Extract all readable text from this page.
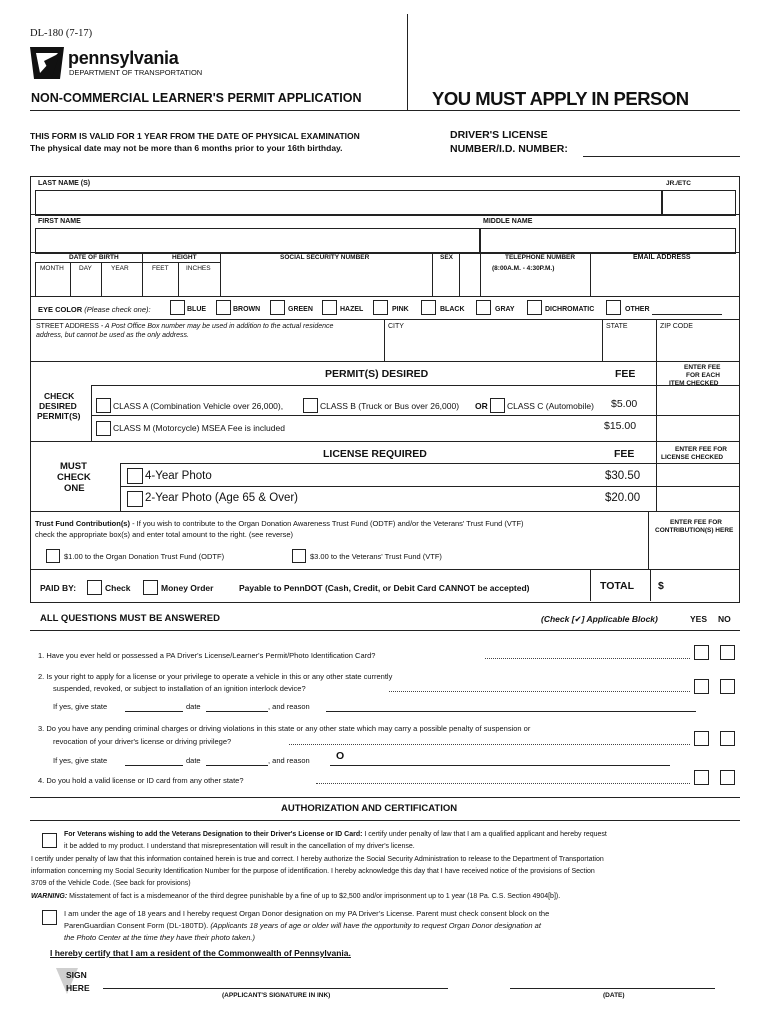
DL-180 (7-17)
pennsylvania
DEPARTMENT OF TRANSPORTATION
NON-COMMERCIAL LEARNER'S PERMIT APPLICATION	YOU MUST APPLY IN PERSON
THIS FORM IS VALID FOR 1 YEAR FROM THE DATE OF PHYSICAL EXAMINATION
The physical date may not be more than 6 months prior to your 16th birthday.
DRIVER'S LICENSE
NUMBER/I.D. NUMBER:
LAST NAME (S)	JR./ETC
FIRST NAME	MIDDLE NAME
DATE OF BIRTH	HEIGHT	SOCIAL SECURITY NUMBER	SEX	TELEPHONE NUMBER
(8:00A.M. - 4:30P.M.)
EMAIL ADDRESS
MONTH DAY	YEAR	FEET	INCHES
EYE COLOR (Please check one):	BLUE	BROWN	GREEN	HAZEL	PINK	BLACK	GRAY	DICHROMATIC	OTHER
STREET ADDRESS - A Post Office Box number may be used in addition to the actual residence
address, but cannot be used as the only address.
CITY	STATE	ZIP CODE
PERMIT(S) DESIRED	FEE
ENTER FEE
FOR EACH
ITEM CHECKED
CHECK
DESIRED
PERMIT(S)
CLASS A (Combination Vehicle over 26,000),	CLASS B (Truck or Bus over 26,000) OR CLASS C (Automobile) $5.00
CLASS M (Motorcycle) MSEA Fee is included	$15.00
LICENSE REQUIRED	FEE	ENTER FEE FOR
LICENSE CHECKED
MUST
CHECK
ONE
4-Year Photo	$30.50
2-Year Photo (Age 65 & Over)	$20.00
Trust Fund Contribution(s) - If you wish to contribute to the Organ Donation Awareness Trust Fund (ODTF) and/or the Veterans' Trust Fund (VTF)
check the appropriate box(s) and enter total amount to the right. (see reverse)
ENTER FEE FOR
CONTRIBUTION(S) HERE
$1.00 to the Organ Donation Trust Fund (ODTF)	$3.00 to the Veterans' Trust Fund (VTF)
PAID BY:	Check	Money Order	Payable to PennDOT (Cash, Credit, or Debit Card CANNOT be accepted)	TOTAL $
ALL QUESTIONS MUST BE ANSWERED	(Check [✔] Applicable Block)	YES NO
1. Have you ever held or possessed a PA Driver's License/Learner's Permit/Photo Identification Card?
2. Is your right to apply for a license or your privilege to operate a vehicle in this or any other state currently
suspended, revoked, or subject to installation of an ignition interlock device?
If yes, give state	date	, and reason
3. Do you have any pending criminal charges or driving violations in this state or any other state which may carry a possible penalty of suspension or
revocation of your driver's license or driving privilege?
If yes, give state	date	, and reason	O
4. Do you hold a valid license or ID card from any other state?
AUTHORIZATION AND CERTIFICATION
For Veterans wishing to add the Veterans Designation to their Driver's License or ID Card: I certify under penalty of law that I am a qualified applicant and hereby request
it be added to my product. I understand that misrepresentation will result in the cancellation of my driver's license.
I certify under penalty of law that this information contained herein is true and correct. I hereby authorize the Social Security Administration to release to the Department of Transportation
information concerning my Social Security Identification Number for the purpose of identification. I hereby acknowledge this day that I have received notice of the provisions of Section
3709 of the Vehicle Code. (See back for provisions)
WARNING: Misstatement of fact is a misdemeanor of the third degree punishable by a fine of up to $2,500 and/or imprisonment up to 1 year (18 Pa. C.S. Section 4904[b]).
I am under the age of 18 years and I hereby request Organ Donor designation on my PA Driver’s License. Parent must check consent block on the
ParenGuardian Consent Form (DL-180TD). (Applicants 18 years of age or older will have the opportunity to request Organ Donor designation at
the Photo Center at the time they have their photo taken.)
I hereby certify that I am a resident of the Commonwealth of Pennsylvania.
SIGN
HERE
(APPLICANT'S SIGNATURE IN INK)	(DATE)
